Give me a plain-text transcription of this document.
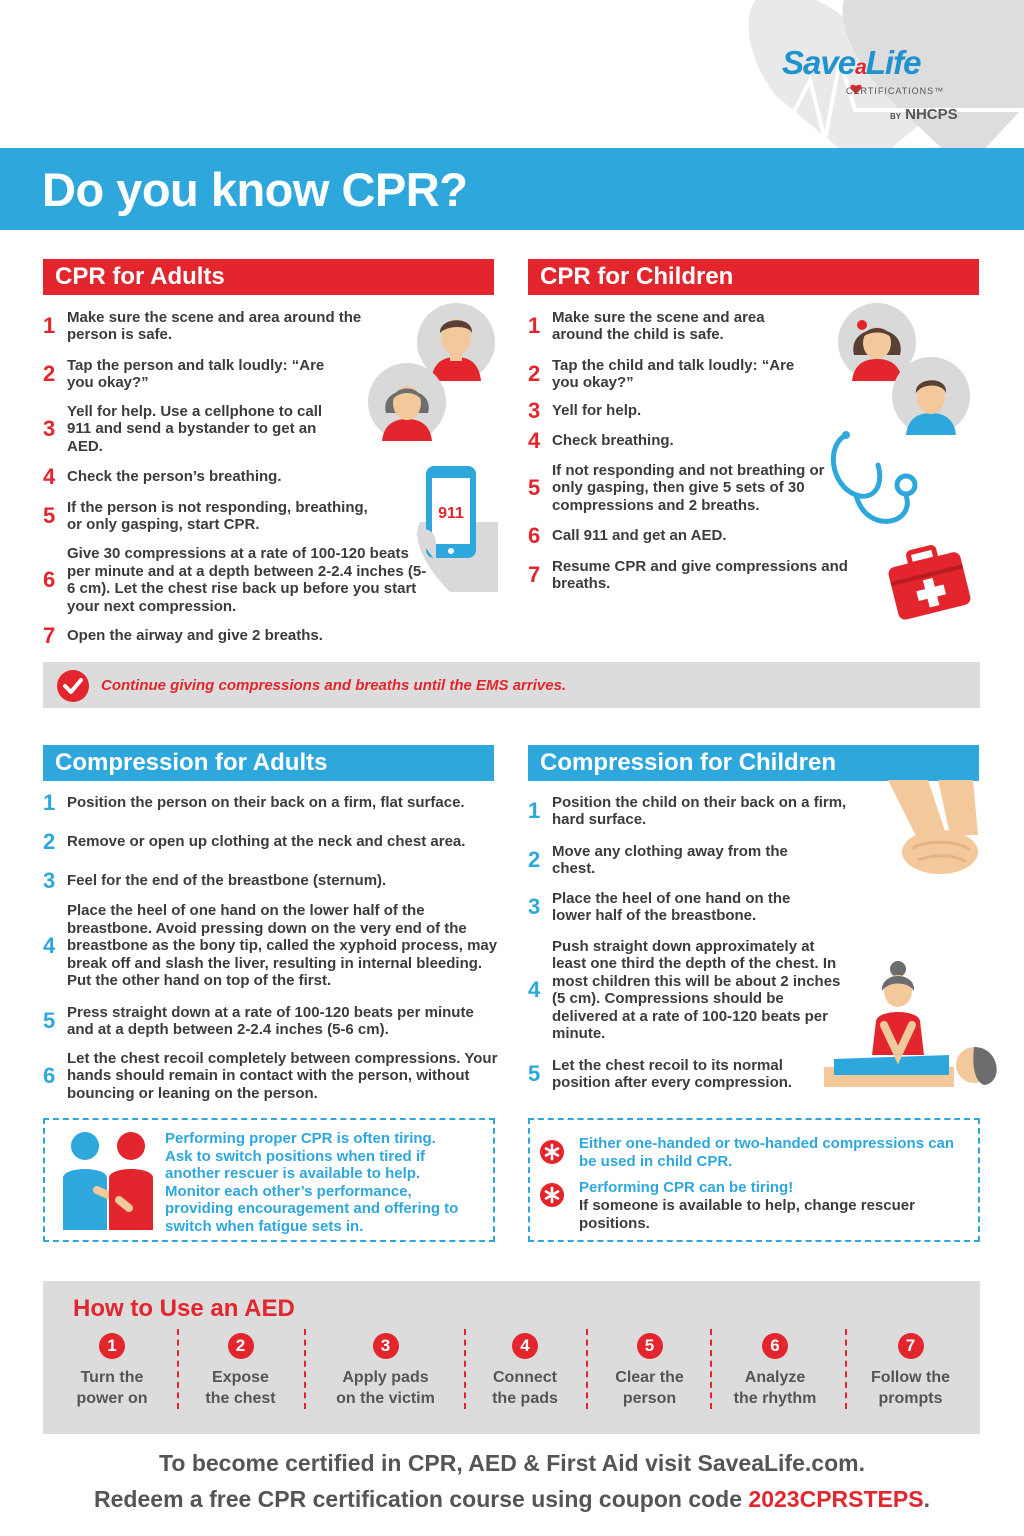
SaveaLife
CERTIFICATIONS™
BY NHCPS
Do you know CPR?
CPR for Adults
1 Make sure the scene and area around the person is safe.
2 Tap the person and talk loudly: “Are you okay?”
3
Yell for help. Use a cellphone to call 911 and send a bystander to get an AED.
4 Check the person’s breathing.
5 If the person is not responding, breathing, or only gasping, start CPR.
6
Give 30 compressions at a rate of 100-120 beats per minute and at a depth between 2-2.4 inches (5-6 cm). Let the chest rise back up before you start your next compression.
7 Open the airway and give 2 breaths.
911
CPR for Children
1 Make sure the scene and area around the child is safe.
2 Tap the child and talk loudly: “Are you okay?”
3 Yell for help.
4 Check breathing.
5
If not responding and not breathing or only gasping, then give 5 sets of 30 compressions and 2 breaths.
6 Call 911 and get an AED.
7 Resume CPR and give compressions and breaths.
Continue giving compressions and breaths until the EMS arrives.
Compression for Adults
1 Position the person on their back on a firm, flat surface.
2 Remove or open up clothing at the neck and chest area.
3 Feel for the end of the breastbone (sternum).
4
Place the heel of one hand on the lower half of the breastbone. Avoid pressing down on the very end of the breastbone as the bony tip, called the xyphoid process, may break off and slash the liver, resulting in internal bleeding. Put the other hand on top of the first.
5 Press straight down at a rate of 100-120 beats per minute and at a depth between 2-2.4 inches (5-6 cm).
6
Let the chest recoil completely between compressions. Your hands should remain in contact with the person, without bouncing or leaning on the person.
Performing proper CPR is often tiring. Ask to switch positions when tired if another rescuer is available to help. Monitor each other’s performance, providing encouragement and offering to switch when fatigue sets in.
Compression for Children
1 Position the child on their back on a firm, hard surface.
2 Move any clothing away from the chest.
3 Place the heel of one hand on the lower half of the breastbone.
4
Push straight down approximately at least one third the depth of the chest. In most children this will be about 2 inches (5 cm). Compressions should be delivered at a rate of 100-120 beats per minute.
5 Let the chest recoil to its normal position after every compression.
Either one-handed or two-handed compressions can be used in child CPR.
Performing CPR can be tiring!
If someone is available to help, change rescuer positions.
How to Use an AED
1
Turn the
power on
2
Expose
the chest
3
Apply pads
on the victim
4
Connect
the pads
5
Clear the
person
6
Analyze
the rhythm
7
Follow the
prompts
To become certified in CPR, AED & First Aid visit SaveaLife.com.
Redeem a free CPR certification course using coupon code 2023CPRSTEPS.
